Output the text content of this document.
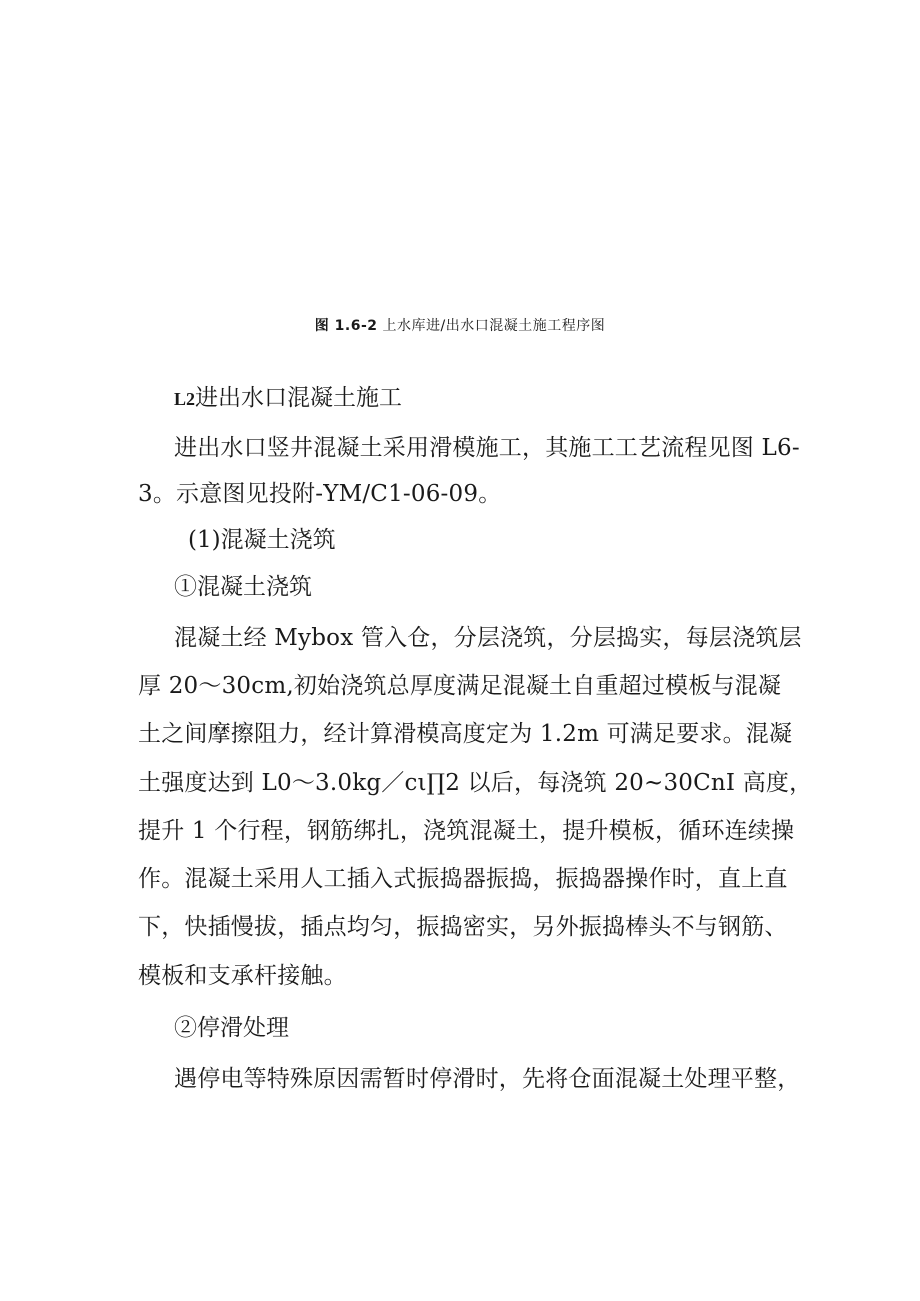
图 1.6-2 上水库进/出水口混凝土施工程序图
L2进出水口混凝土施工
进出水口竖井混凝土采用滑模施工，其施工工艺流程见图 L6-
3。示意图见投附-YM/C1-06-09。
(1)混凝土浇筑
①混凝土浇筑
混凝土经 Mybox 管入仓，分层浇筑，分层捣实，每层浇筑层
厚 20～30cm,初始浇筑总厚度满足混凝土自重超过模板与混凝
土之间摩擦阻力，经计算滑模高度定为 1.2m 可满足要求。混凝
土强度达到 L0～3.0kg／cι∏2 以后，每浇筑 20~30CnI 高度，
提升 1 个行程，钢筋绑扎，浇筑混凝土，提升模板，循环连续操
作。混凝土采用人工插入式振捣器振捣，振捣器操作时，直上直
下，快插慢拔，插点均匀，振捣密实，另外振捣棒头不与钢筋、
模板和支承杆接触。
②停滑处理
遇停电等特殊原因需暂时停滑时，先将仓面混凝土处理平整，
